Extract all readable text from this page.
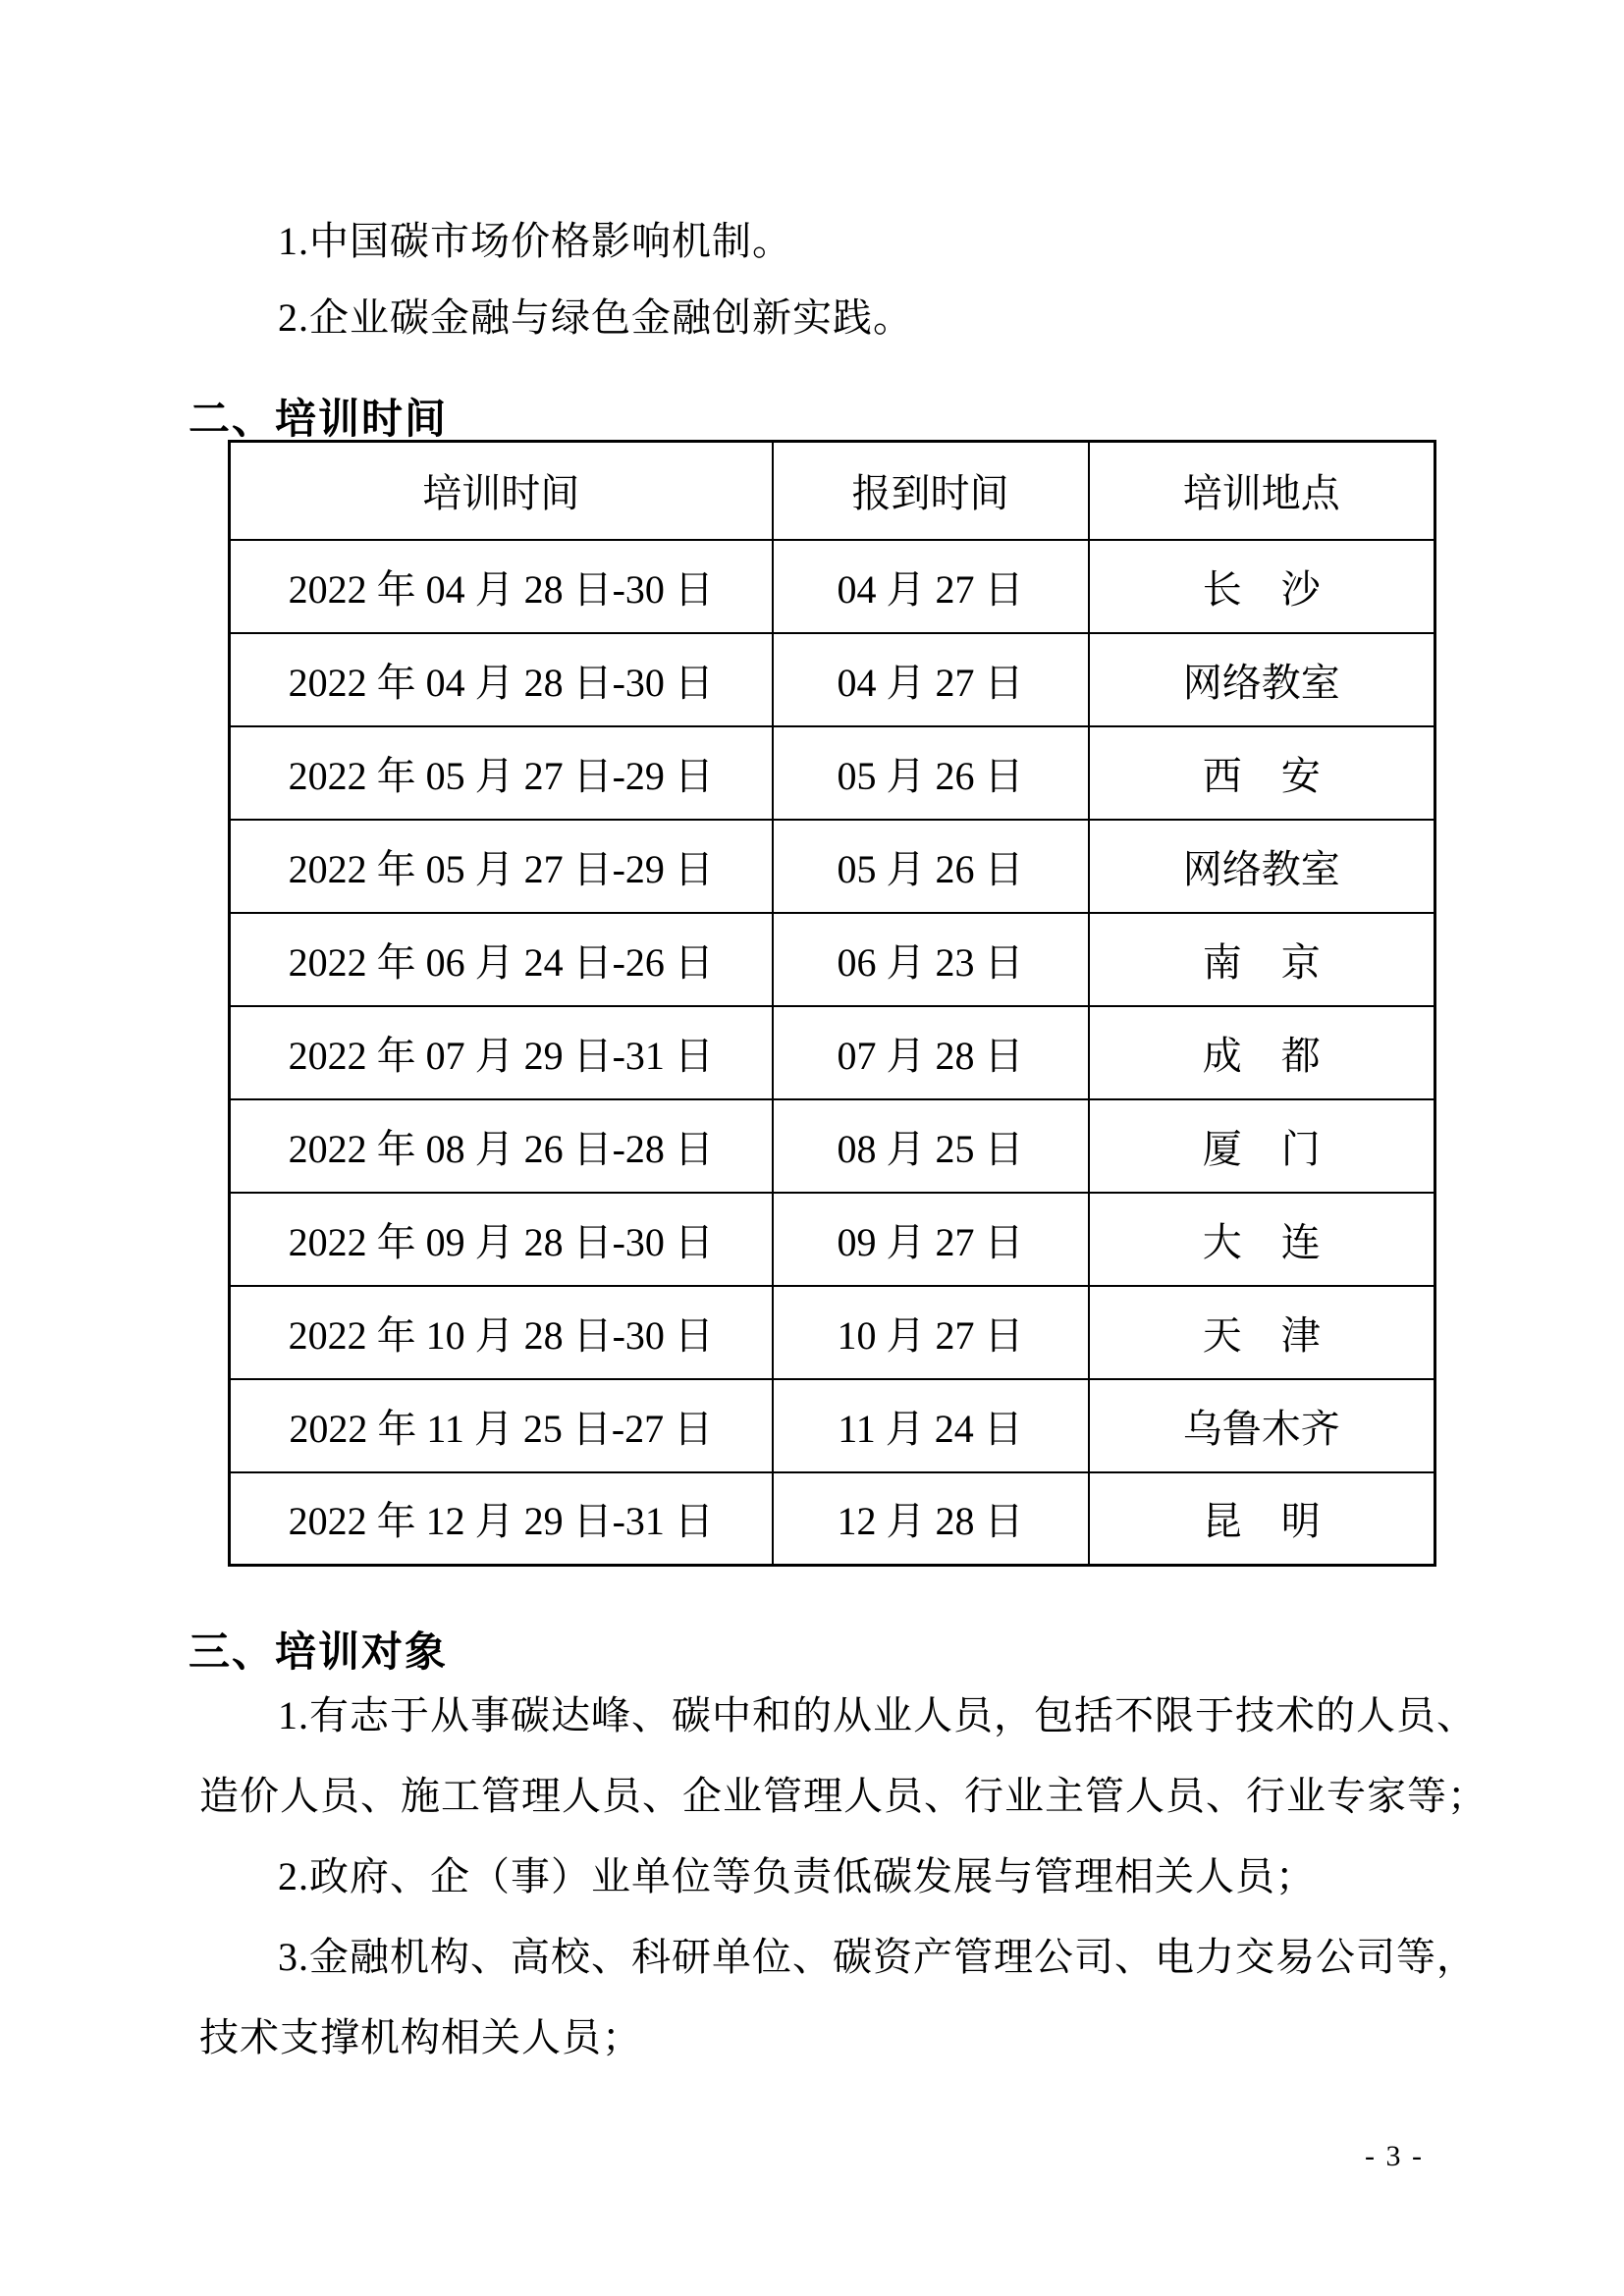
1.中国碳市场价格影响机制。

2.企业碳金融与绿色金融创新实践。

二、培训时间

培训时间	报到时间	培训地点
2022 年 04 月 28 日-30 日	04 月 27 日	长　沙
2022 年 04 月 28 日-30 日	04 月 27 日	网络教室
2022 年 05 月 27 日-29 日	05 月 26 日	西　安
2022 年 05 月 27 日-29 日	05 月 26 日	网络教室
2022 年 06 月 24 日-26 日	06 月 23 日	南　京
2022 年 07 月 29 日-31 日	07 月 28 日	成　都
2022 年 08 月 26 日-28 日	08 月 25 日	厦　门
2022 年 09 月 28 日-30 日	09 月 27 日	大　连
2022 年 10 月 28 日-30 日	10 月 27 日	天　津
2022 年 11 月 25 日-27 日	11 月 24 日	乌鲁木齐
2022 年 12 月 29 日-31 日	12 月 28 日	昆　明

三、培训对象

1.有志于从事碳达峰、碳中和的从业人员，包括不限于技术的人员、

造价人员、施工管理人员、企业管理人员、行业主管人员、行业专家等；

2.政府、企（事）业单位等负责低碳发展与管理相关人员；

3.金融机构、高校、科研单位、碳资产管理公司、电力交易公司等，

技术支撑机构相关人员；

- 3 -
